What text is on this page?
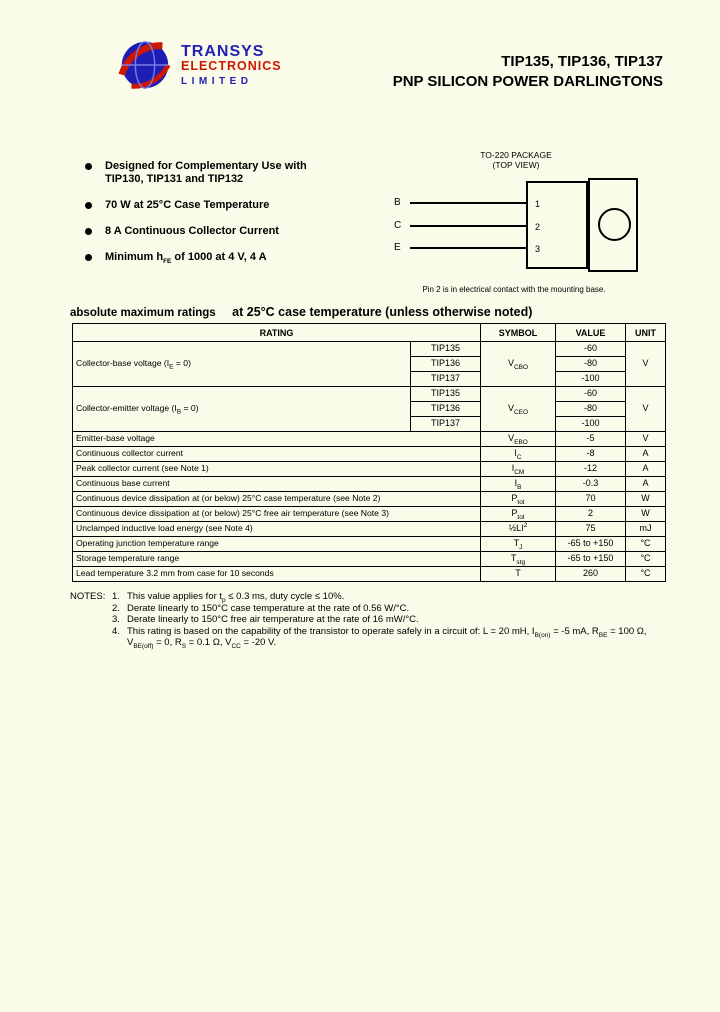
TRANSYS
ELECTRONICS
LIMITED
TIP135, TIP136, TIP137
PNP SILICON POWER DARLINGTONS
Designed for Complementary Use with TIP130, TIP131 and TIP132
70 W at 25°C Case Temperature
8 A Continuous Collector Current
Minimum $h_{FE}$ of 1000 at 4 V, 4 A
TO-220 PACKAGE
(TOP VIEW)
B
C
E
1
2
3
Pin 2 is in electrical contact with the mounting base.
absolute maximum ratings at 25°C case temperature (unless otherwise noted)
RATING		SYMBOL	VALUE	UNIT
Collector-base voltage $(I_E = 0)$	TIP135	$V_{CBO}$	-60	V
	TIP136		-80	
	TIP137		-100	
Collector-emitter voltage $(I_B = 0)$	TIP135	$V_{CEO}$	-60	V
	TIP136		-80	
	TIP137		-100	
Emitter-base voltage		$V_{EBO}$	-5	V
Continuous collector current		$I_C$	-8	A
Peak collector current (see Note 1)		$I_{CM}$	-12	A
Continuous base current		$I_B$	-0.3	A
Continuous device dissipation at (or below) 25°C case temperature (see Note 2)		$P_{tot}$	70	W
Continuous device dissipation at (or below) 25°C free air temperature (see Note 3)		$P_{tot}$	2	W
Unclamped inductive load energy (see Note 4)		$\frac{1}{2}LI^2$	75	mJ
Operating junction temperature range		$T_J$	-65 to +150	°C
Storage temperature range		$T_{stg}$	-65 to +150	°C
Lead temperature 3.2 mm from case for 10 seconds		T	260	°C
NOTES: 1. This value applies for $t_p \le 0.3$ ms, duty cycle ≤ 10%.
2. Derate linearly to 150°C case temperature at the rate of 0.56 W/°C.
3. Derate linearly to 150°C free air temperature at the rate of 16 mW/°C.
4. This rating is based on the capability of the transistor to operate safely in a circuit of: L = 20 mH, $I_{B(on)} = -5$ mA, $R_{BE} = 100$ Ω, $V_{BE(off)} = 0$, $R_S = 0.1$ Ω, $V_{CC} = -20$ V.
